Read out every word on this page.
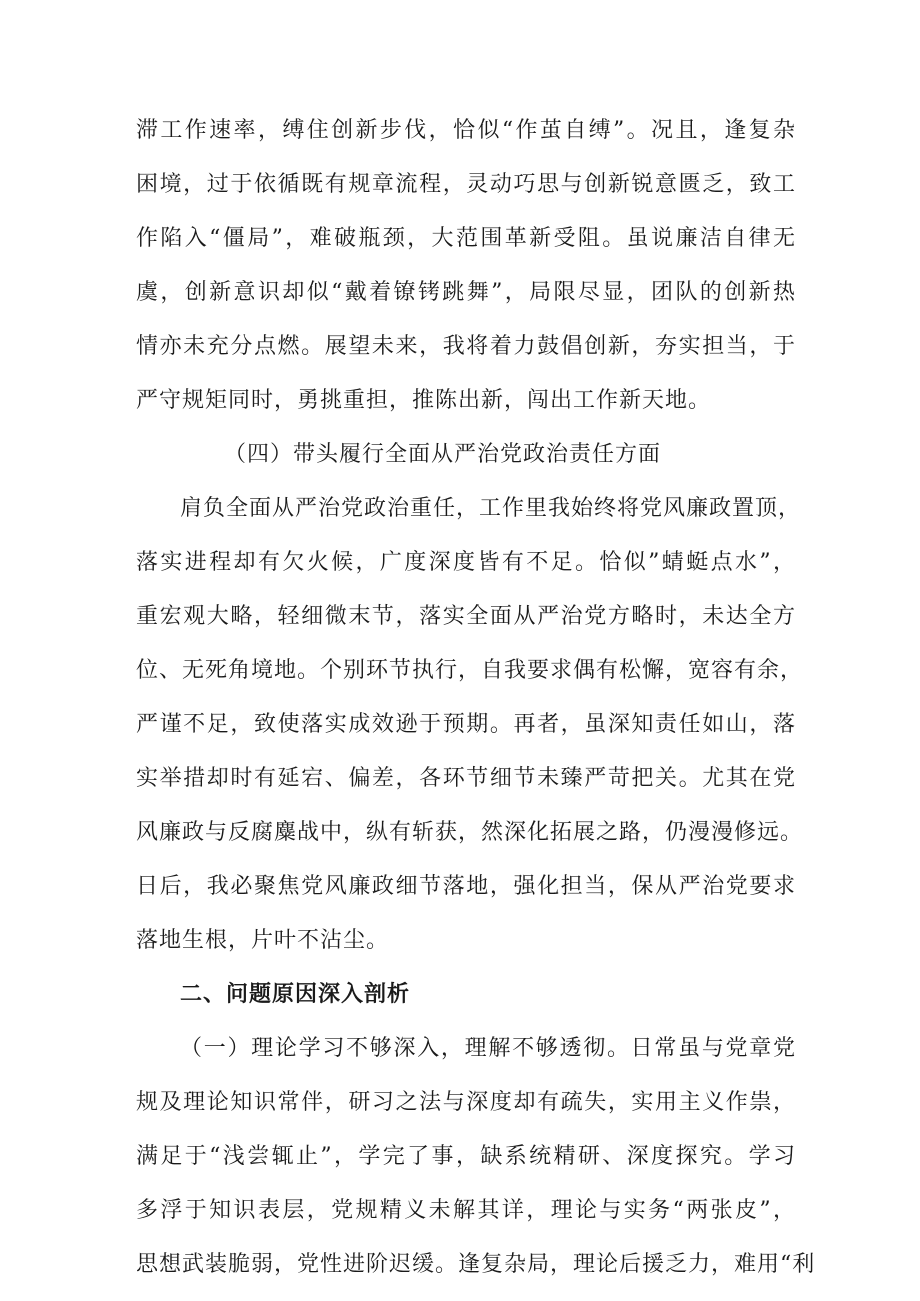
滞工作速率，缚住创新步伐，恰似“作茧自缚”。况且，逢复杂
困境，过于依循既有规章流程，灵动巧思与创新锐意匮乏，致工
作陷入“僵局”，难破瓶颈，大范围革新受阻。虽说廉洁自律无
虞，创新意识却似“戴着镣铐跳舞”，局限尽显，团队的创新热
情亦未充分点燃。展望未来，我将着力鼓倡创新，夯实担当，于
严守规矩同时，勇挑重担，推陈出新，闯出工作新天地。
（四）带头履行全面从严治党政治责任方面
肩负全面从严治党政治重任，工作里我始终将党风廉政置顶，
落实进程却有欠火候，广度深度皆有不足。恰似”蜻蜓点水”，
重宏观大略，轻细微末节，落实全面从严治党方略时，未达全方
位、无死角境地。个别环节执行，自我要求偶有松懈，宽容有余，
严谨不足，致使落实成效逊于预期。再者，虽深知责任如山，落
实举措却时有延宕、偏差，各环节细节未臻严苛把关。尤其在党
风廉政与反腐麋战中，纵有斩获，然深化拓展之路，仍漫漫修远。
日后，我必聚焦党风廉政细节落地，强化担当，保从严治党要求
落地生根，片叶不沾尘。
二、问题原因深入剖析
（一）理论学习不够深入，理解不够透彻。日常虽与党章党
规及理论知识常伴，研习之法与深度却有疏失，实用主义作祟，
满足于“浅尝辄止”，学完了事，缺系统精研、深度探究。学习
多浮于知识表层，党规精义未解其详，理论与实务“两张皮”，
思想武装脆弱，党性进阶迟缓。逢复杂局，理论后援乏力，难用“利
